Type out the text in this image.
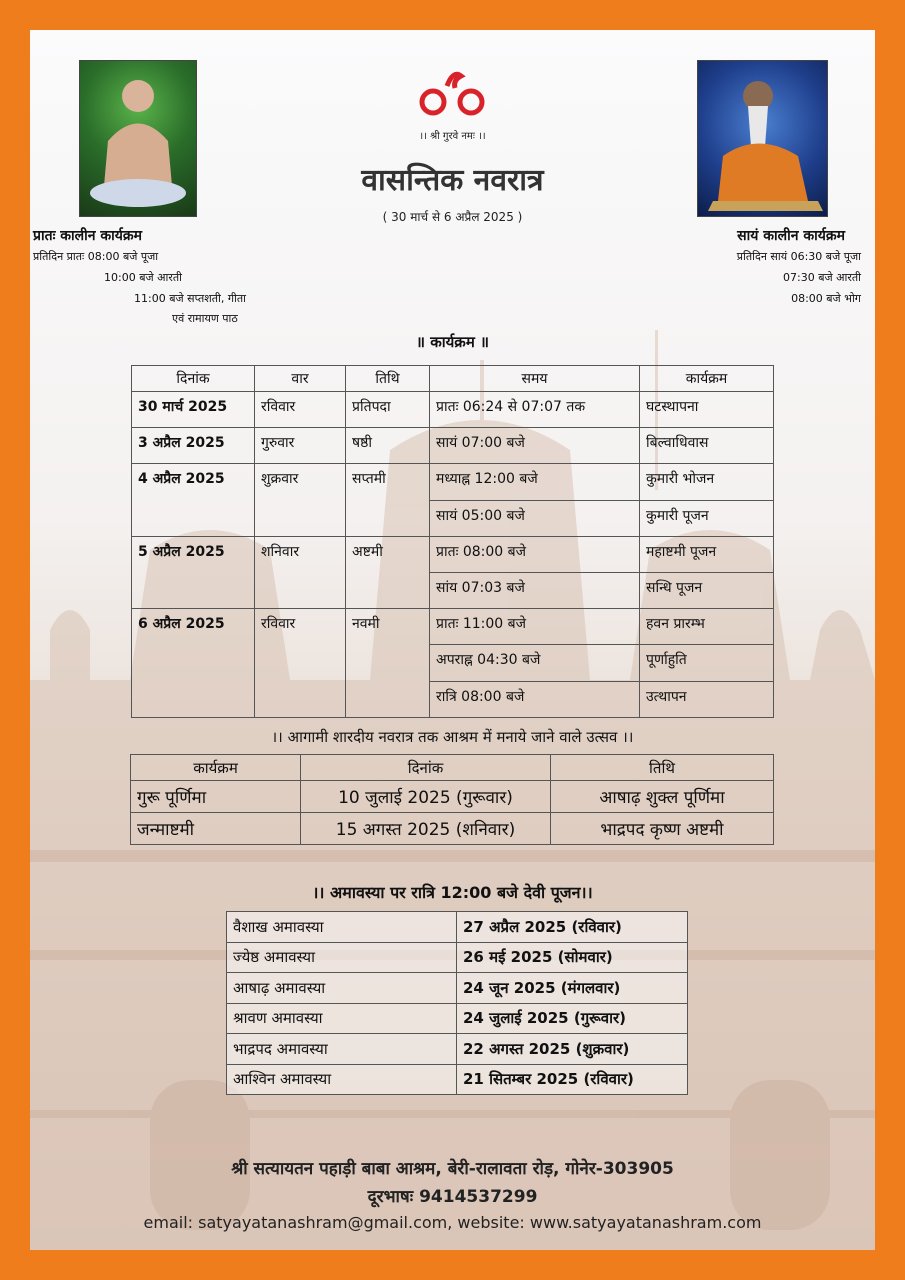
।। श्री गुरवे नमः ।।
वासन्तिक नवरात्र
( 30 मार्च से 6 अप्रैल 2025 )
प्रातः कालीन कार्यक्रम
प्रतिदिन प्रातः 08:00 बजे पूजा
10:00 बजे आरती
11:00 बजे सप्तशती, गीता
एवं रामायण पाठ
सायं कालीन कार्यक्रम
प्रतिदिन सायं 06:30 बजे पूजा
07:30 बजे आरती
08:00 बजे भोग
॥ कार्यक्रम ॥
दिनांक	वार	तिथि	समय	कार्यक्रम
30 मार्च 2025	रविवार	प्रतिपदा	प्रातः 06:24 से 07:07 तक	घटस्थापना
3 अप्रैल 2025	गुरुवार	षष्ठी	सायं 07:00 बजे	बिल्वाधिवास
4 अप्रैल 2025	शुक्रवार	सप्तमी	मध्याह्न 12:00 बजे	कुमारी भोजन
			सायं 05:00 बजे	कुमारी पूजन
5 अप्रैल 2025	शनिवार	अष्टमी	प्रातः 08:00 बजे	महाष्टमी पूजन
			सांय 07:03 बजे	सन्धि पूजन
6 अप्रैल 2025	रविवार	नवमी	प्रातः 11:00 बजे	हवन प्रारम्भ
			अपराह्न 04:30 बजे	पूर्णाहुति
			रात्रि 08:00 बजे	उत्थापन
।। आगामी शारदीय नवरात्र तक आश्रम में मनाये जाने वाले उत्सव ।।
कार्यक्रम	दिनांक	तिथि
गुरू पूर्णिमा	10 जुलाई 2025 (गुरूवार)	आषाढ़ शुक्ल पूर्णिमा
जन्माष्टमी	15 अगस्त 2025 (शनिवार)	भाद्रपद कृष्ण अष्टमी
।। अमावस्या पर रात्रि 12:00 बजे देवी पूजन।।
वैशाख अमावस्या	27 अप्रैल 2025 (रविवार)
ज्येष्ठ अमावस्या	26 मई 2025 (सोमवार)
आषाढ़ अमावस्या	24 जून 2025 (मंगलवार)
श्रावण अमावस्या	24 जुलाई 2025 (गुरूवार)
भाद्रपद अमावस्या	22 अगस्त 2025 (शुक्रवार)
आश्विन अमावस्या	21 सितम्बर 2025 (रविवार)
श्री सत्यायतन पहाड़ी बाबा आश्रम, बेरी-रालावता रोड़, गोनेर-303905
दूरभाषः 9414537299
email: satyayatanashram@gmail.com, website: www.satyayatanashram.com
